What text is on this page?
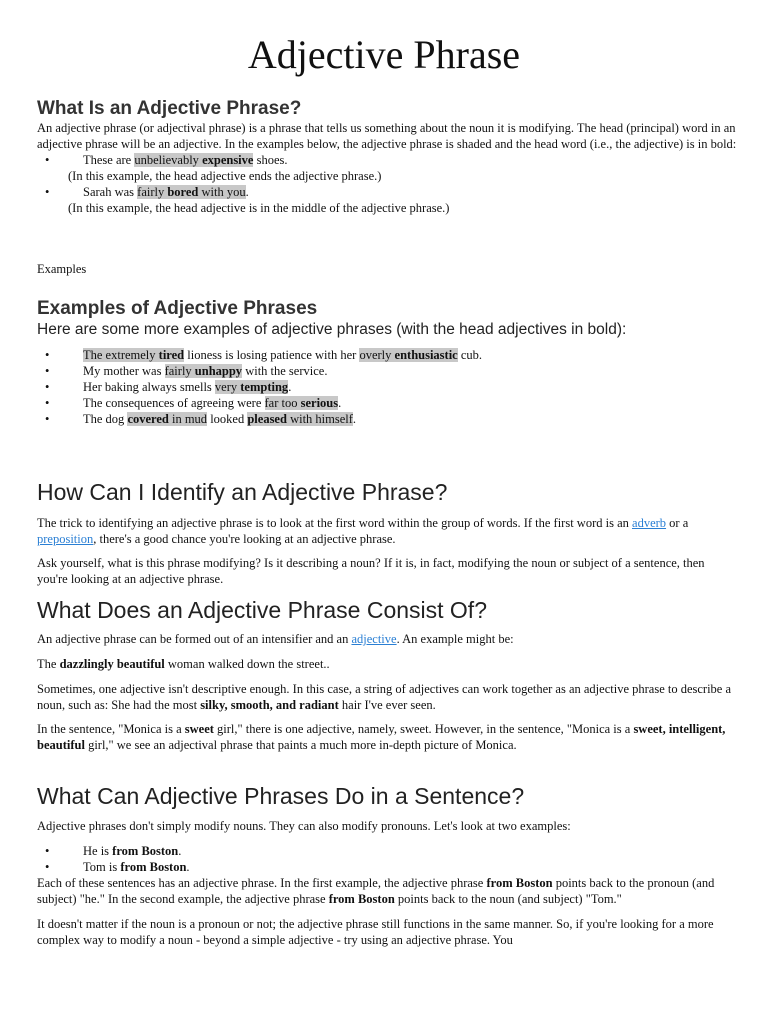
Adjective Phrase
What Is an Adjective Phrase?

An adjective phrase (or adjectival phrase) is a phrase that tells us something about the noun it is modifying. The head (principal) word in an adjective phrase will be an adjective. In the examples below, the adjective phrase is shaded and the head word (i.e., the adjective) is in bold:

• These are unbelievably expensive shoes.

(In this example, the head adjective ends the adjective phrase.)

• Sarah was fairly bored with you.

(In this example, the head adjective is in the middle of the adjective phrase.)

Examples
Examples of Adjective Phrases

Here are some more examples of adjective phrases (with the head adjectives in bold):

• The extremely tired lioness is losing patience with her overly enthusiastic cub.
• My mother was fairly unhappy with the service.
• Her baking always smells very tempting.
• The consequences of agreeing were far too serious.
• The dog covered in mud looked pleased with himself.
How Can I Identify an Adjective Phrase?

The trick to identifying an adjective phrase is to look at the first word within the group of words. If the first word is an adverb or a preposition, there's a good chance you're looking at an adjective phrase.

Ask yourself, what is this phrase modifying? Is it describing a noun? If it is, in fact, modifying the noun or subject of a sentence, then you're looking at an adjective phrase.

What Does an Adjective Phrase Consist Of?

An adjective phrase can be formed out of an intensifier and an adjective. An example might be:

The dazzlingly beautiful woman walked down the street..

Sometimes, one adjective isn't descriptive enough. In this case, a string of adjectives can work together as an adjective phrase to describe a noun, such as: She had the most silky, smooth, and radiant hair I've ever seen.

In the sentence, "Monica is a sweet girl," there is one adjective, namely, sweet. However, in the sentence, "Monica is a sweet, intelligent, beautiful girl," we see an adjectival phrase that paints a much more in-depth picture of Monica.

What Can Adjective Phrases Do in a Sentence?

Adjective phrases don't simply modify nouns. They can also modify pronouns. Let's look at two examples:

• He is from Boston.
• Tom is from Boston.

Each of these sentences has an adjective phrase. In the first example, the adjective phrase from Boston points back to the pronoun (and subject) "he." In the second example, the adjective phrase from Boston points back to the noun (and subject) "Tom."

It doesn't matter if the noun is a pronoun or not; the adjective phrase still functions in the same manner. So, if you're looking for a more complex way to modify a noun - beyond a simple adjective - try using an adjective phrase. You
